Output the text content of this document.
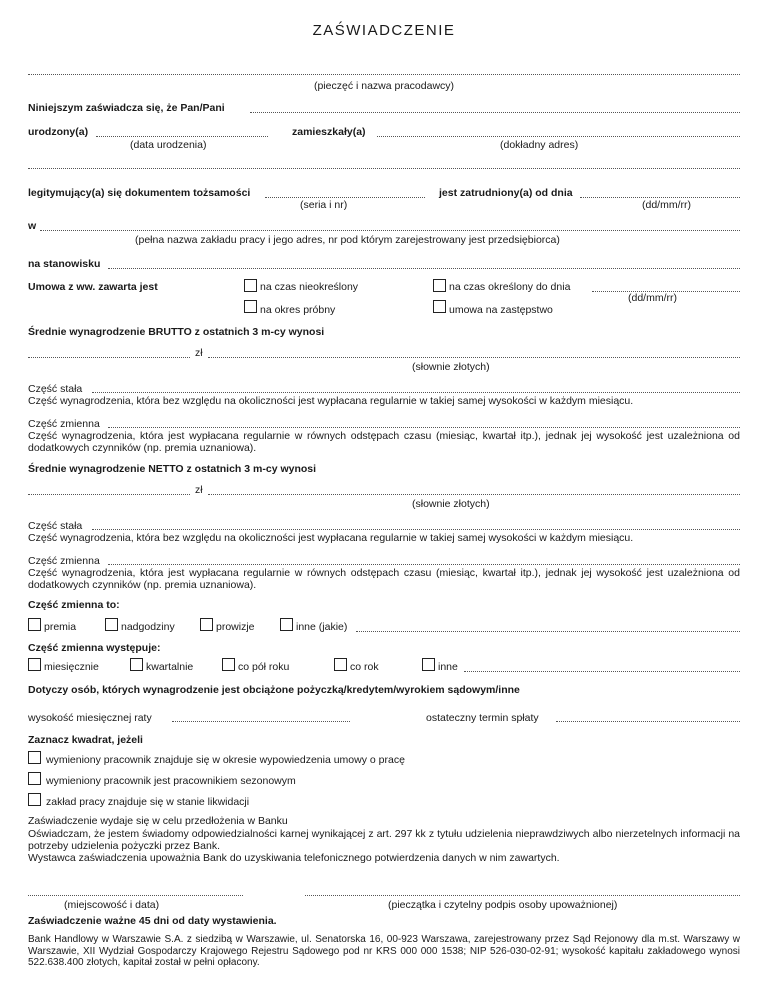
ZAŚWIADCZENIE
(pieczęć i nazwa pracodawcy)
Niniejszym zaświadcza się, że Pan/Pani
urodzony(a)
(data urodzenia)
zamieszkały(a)
(dokładny adres)
legitymujący(a) się dokumentem tożsamości
(seria i nr)
jest zatrudniony(a) od dnia
(dd/mm/rr)
w
(pełna nazwa zakładu pracy i jego adres, nr pod którym zarejestrowany jest przedsiębiorca)
na stanowisku
Umowa z ww. zawarta jest	na czas nieokreślony	na czas określony do dnia
(dd/mm/rr)
na okres próbny	umowa na zastępstwo
Średnie wynagrodzenie BRUTTO z ostatnich 3 m-cy wynosi
zł
(słownie złotych)
Część stała
Część wynagrodzenia, która bez względu na okoliczności jest wypłacana regularnie w takiej samej wysokości w każdym miesiącu.
Część zmienna
Część wynagrodzenia, która jest wypłacana regularnie w równych odstępach czasu (miesiąc, kwartał itp.), jednak jej wysokość jest uzależniona od dodatkowych czynników (np. premia uznaniowa).
Średnie wynagrodzenie NETTO z ostatnich 3 m-cy wynosi
zł
(słownie złotych)
Część stała
Część wynagrodzenia, która bez względu na okoliczności jest wypłacana regularnie w takiej samej wysokości w każdym miesiącu.
Część zmienna
Część wynagrodzenia, która jest wypłacana regularnie w równych odstępach czasu (miesiąc, kwartał itp.), jednak jej wysokość jest uzależniona od dodatkowych czynników (np. premia uznaniowa).
Część zmienna to:
premia	nadgodziny	prowizje	inne (jakie)
Część zmienna występuje:
miesięcznie	kwartalnie	co pół roku	co rok	inne
Dotyczy osób, których wynagrodzenie jest obciążone pożyczką/kredytem/wyrokiem sądowym/inne
wysokość miesięcznej raty	ostateczny termin spłaty
Zaznacz kwadrat, jeżeli
wymieniony pracownik znajduje się w okresie wypowiedzenia umowy o pracę
wymieniony pracownik jest pracownikiem sezonowym
zakład pracy znajduje się w stanie likwidacji
Zaświadczenie wydaje się w celu przedłożenia w Banku
Oświadczam, że jestem świadomy odpowiedzialności karnej wynikającej z art. 297 kk z tytułu udzielenia nieprawdziwych albo nierzetelnych informacji na potrzeby udzielenia pożyczki przez Bank.
Wystawca zaświadczenia upoważnia Bank do uzyskiwania telefonicznego potwierdzenia danych w nim zawartych.
(miejscowość i data)	(pieczątka i czytelny podpis osoby upoważnionej)
Zaświadczenie ważne 45 dni od daty wystawienia.
Bank Handlowy w Warszawie S.A. z siedzibą w Warszawie, ul. Senatorska 16, 00-923 Warszawa, zarejestrowany przez Sąd Rejonowy dla m.st. Warszawy w Warszawie, XII Wydział Gospodarczy Krajowego Rejestru Sądowego pod nr KRS 000 000 1538; NIP 526-030-02-91; wysokość kapitału zakładowego wynosi 522.638.400 złotych, kapitał został w pełni opłacony.
